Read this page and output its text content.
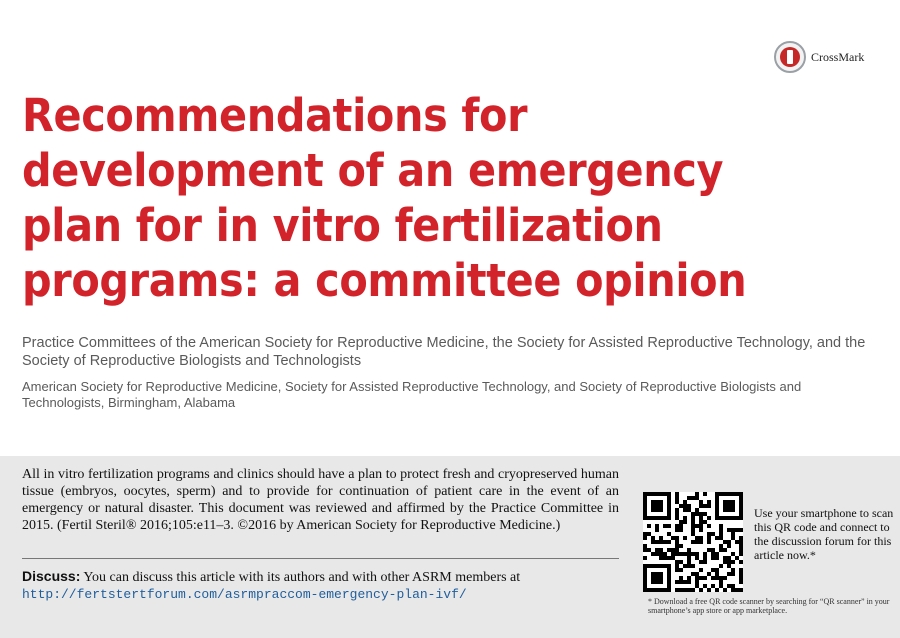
CrossMark
Recommendations for development of an emergency plan for in vitro fertilization programs: a committee opinion
Practice Committees of the American Society for Reproductive Medicine, the Society for Assisted Reproductive Technology, and the Society of Reproductive Biologists and Technologists
American Society for Reproductive Medicine, Society for Assisted Reproductive Technology, and Society of Reproductive Biologists and Technologists, Birmingham, Alabama
All in vitro fertilization programs and clinics should have a plan to protect fresh and cryopreserved human tissue (embryos, oocytes, sperm) and to provide for continuation of patient care in the event of an emergency or natural disaster. This document was reviewed and affirmed by the Practice Committee in 2015. (Fertil Steril® 2016;105:e11–3. ©2016 by American Society for Reproductive Medicine.)
Discuss: You can discuss this article with its authors and with other ASRM members at http://fertstertforum.com/asrmpraccom-emergency-plan-ivf/
Use your smartphone to scan this QR code and connect to the discussion forum for this article now.*
* Download a free QR code scanner by searching for “QR scanner” in your smartphone’s app store or app marketplace.
